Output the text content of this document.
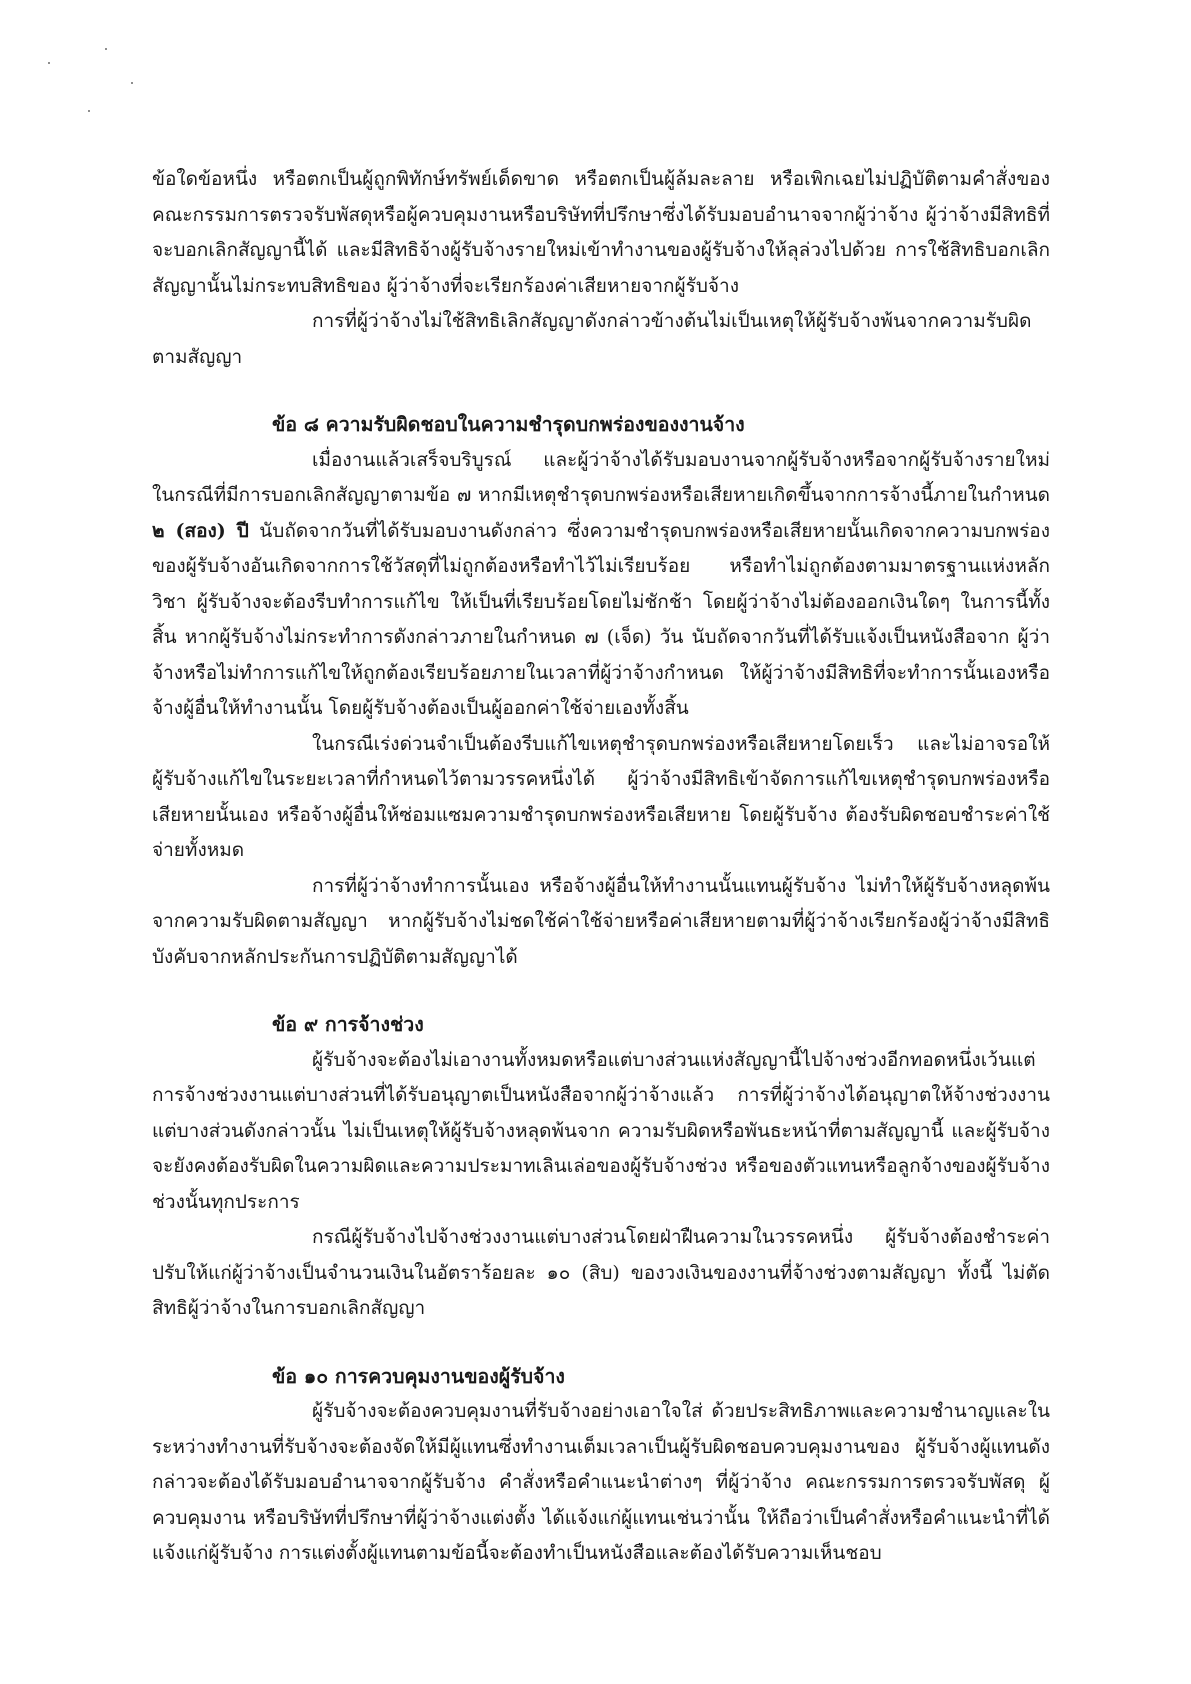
ข้อใดข้อหนึ่ง หรือตกเป็นผู้ถูกพิทักษ์ทรัพย์เด็ดขาด หรือตกเป็นผู้ล้มละลาย หรือเพิกเฉยไม่ปฏิบัติตามคำสั่งของคณะกรรมการตรวจรับพัสดุหรือผู้ควบคุมงานหรือบริษัทที่ปรึกษาซึ่งได้รับมอบอำนาจจากผู้ว่าจ้าง ผู้ว่าจ้างมีสิทธิที่จะบอกเลิกสัญญานี้ได้ และมีสิทธิจ้างผู้รับจ้างรายใหม่เข้าทำงานของผู้รับจ้างให้ลุล่วงไปด้วย การใช้สิทธิบอกเลิกสัญญานั้นไม่กระทบสิทธิของ ผู้ว่าจ้างที่จะเรียกร้องค่าเสียหายจากผู้รับจ้าง

การที่ผู้ว่าจ้างไม่ใช้สิทธิเลิกสัญญาดังกล่าวข้างต้นไม่เป็นเหตุให้ผู้รับจ้างพ้นจากความรับผิดตามสัญญา

ข้อ ๘ ความรับผิดชอบในความชำรุดบกพร่องของงานจ้าง

เมื่องานแล้วเสร็จบริบูรณ์ และผู้ว่าจ้างได้รับมอบงานจากผู้รับจ้างหรือจากผู้รับจ้างรายใหม่ ในกรณีที่มีการบอกเลิกสัญญาตามข้อ ๗ หากมีเหตุชำรุดบกพร่องหรือเสียหายเกิดขึ้นจากการจ้างนี้ภายในกำหนด ๒ (สอง) ปี นับถัดจากวันที่ได้รับมอบงานดังกล่าว ซึ่งความชำรุดบกพร่องหรือเสียหายนั้นเกิดจากความบกพร่องของผู้รับจ้างอันเกิดจากการใช้วัสดุที่ไม่ถูกต้องหรือทำไว้ไม่เรียบร้อย หรือทำไม่ถูกต้องตามมาตรฐานแห่งหลักวิชา ผู้รับจ้างจะต้องรีบทำการแก้ไข ให้เป็นที่เรียบร้อยโดยไม่ชักช้า โดยผู้ว่าจ้างไม่ต้องออกเงินใดๆ ในการนี้ทั้งสิ้น หากผู้รับจ้างไม่กระทำการดังกล่าวภายในกำหนด ๗ (เจ็ด) วัน นับถัดจากวันที่ได้รับแจ้งเป็นหนังสือจาก ผู้ว่าจ้างหรือไม่ทำการแก้ไขให้ถูกต้องเรียบร้อยภายในเวลาที่ผู้ว่าจ้างกำหนด ให้ผู้ว่าจ้างมีสิทธิที่จะทำการนั้นเองหรือจ้างผู้อื่นให้ทำงานนั้น โดยผู้รับจ้างต้องเป็นผู้ออกค่าใช้จ่ายเองทั้งสิ้น

ในกรณีเร่งด่วนจำเป็นต้องรีบแก้ไขเหตุชำรุดบกพร่องหรือเสียหายโดยเร็ว และไม่อาจรอให้ผู้รับจ้างแก้ไขในระยะเวลาที่กำหนดไว้ตามวรรคหนึ่งได้ ผู้ว่าจ้างมีสิทธิเข้าจัดการแก้ไขเหตุชำรุดบกพร่องหรือเสียหายนั้นเอง หรือจ้างผู้อื่นให้ซ่อมแซมความชำรุดบกพร่องหรือเสียหาย โดยผู้รับจ้าง ต้องรับผิดชอบชำระค่าใช้จ่ายทั้งหมด

การที่ผู้ว่าจ้างทำการนั้นเอง หรือจ้างผู้อื่นให้ทำงานนั้นแทนผู้รับจ้าง ไม่ทำให้ผู้รับจ้างหลุดพ้นจากความรับผิดตามสัญญา หากผู้รับจ้างไม่ชดใช้ค่าใช้จ่ายหรือค่าเสียหายตามที่ผู้ว่าจ้างเรียกร้องผู้ว่าจ้างมีสิทธิบังคับจากหลักประกันการปฏิบัติตามสัญญาได้

ข้อ ๙ การจ้างช่วง

ผู้รับจ้างจะต้องไม่เอางานทั้งหมดหรือแต่บางส่วนแห่งสัญญานี้ไปจ้างช่วงอีกทอดหนึ่งเว้นแต่การจ้างช่วงงานแต่บางส่วนที่ได้รับอนุญาตเป็นหนังสือจากผู้ว่าจ้างแล้ว การที่ผู้ว่าจ้างได้อนุญาตให้จ้างช่วงงานแต่บางส่วนดังกล่าวนั้น ไม่เป็นเหตุให้ผู้รับจ้างหลุดพ้นจาก ความรับผิดหรือพันธะหน้าที่ตามสัญญานี้ และผู้รับจ้างจะยังคงต้องรับผิดในความผิดและความประมาทเลินเล่อของผู้รับจ้างช่วง หรือของตัวแทนหรือลูกจ้างของผู้รับจ้างช่วงนั้นทุกประการ

กรณีผู้รับจ้างไปจ้างช่วงงานแต่บางส่วนโดยฝ่าฝืนความในวรรคหนึ่ง ผู้รับจ้างต้องชำระค่าปรับให้แก่ผู้ว่าจ้างเป็นจำนวนเงินในอัตราร้อยละ ๑๐ (สิบ) ของวงเงินของงานที่จ้างช่วงตามสัญญา ทั้งนี้ ไม่ตัดสิทธิผู้ว่าจ้างในการบอกเลิกสัญญา

ข้อ ๑๐ การควบคุมงานของผู้รับจ้าง

ผู้รับจ้างจะต้องควบคุมงานที่รับจ้างอย่างเอาใจใส่ ด้วยประสิทธิภาพและความชำนาญและในระหว่างทำงานที่รับจ้างจะต้องจัดให้มีผู้แทนซึ่งทำงานเต็มเวลาเป็นผู้รับผิดชอบควบคุมงานของ ผู้รับจ้างผู้แทนดังกล่าวจะต้องได้รับมอบอำนาจจากผู้รับจ้าง คำสั่งหรือคำแนะนำต่างๆ ที่ผู้ว่าจ้าง คณะกรรมการตรวจรับพัสดุ ผู้ควบคุมงาน หรือบริษัทที่ปรึกษาที่ผู้ว่าจ้างแต่งตั้ง ได้แจ้งแก่ผู้แทนเช่นว่านั้น ให้ถือว่าเป็นคำสั่งหรือคำแนะนำที่ได้แจ้งแก่ผู้รับจ้าง การแต่งตั้งผู้แทนตามข้อนี้จะต้องทำเป็นหนังสือและต้องได้รับความเห็นชอบ
